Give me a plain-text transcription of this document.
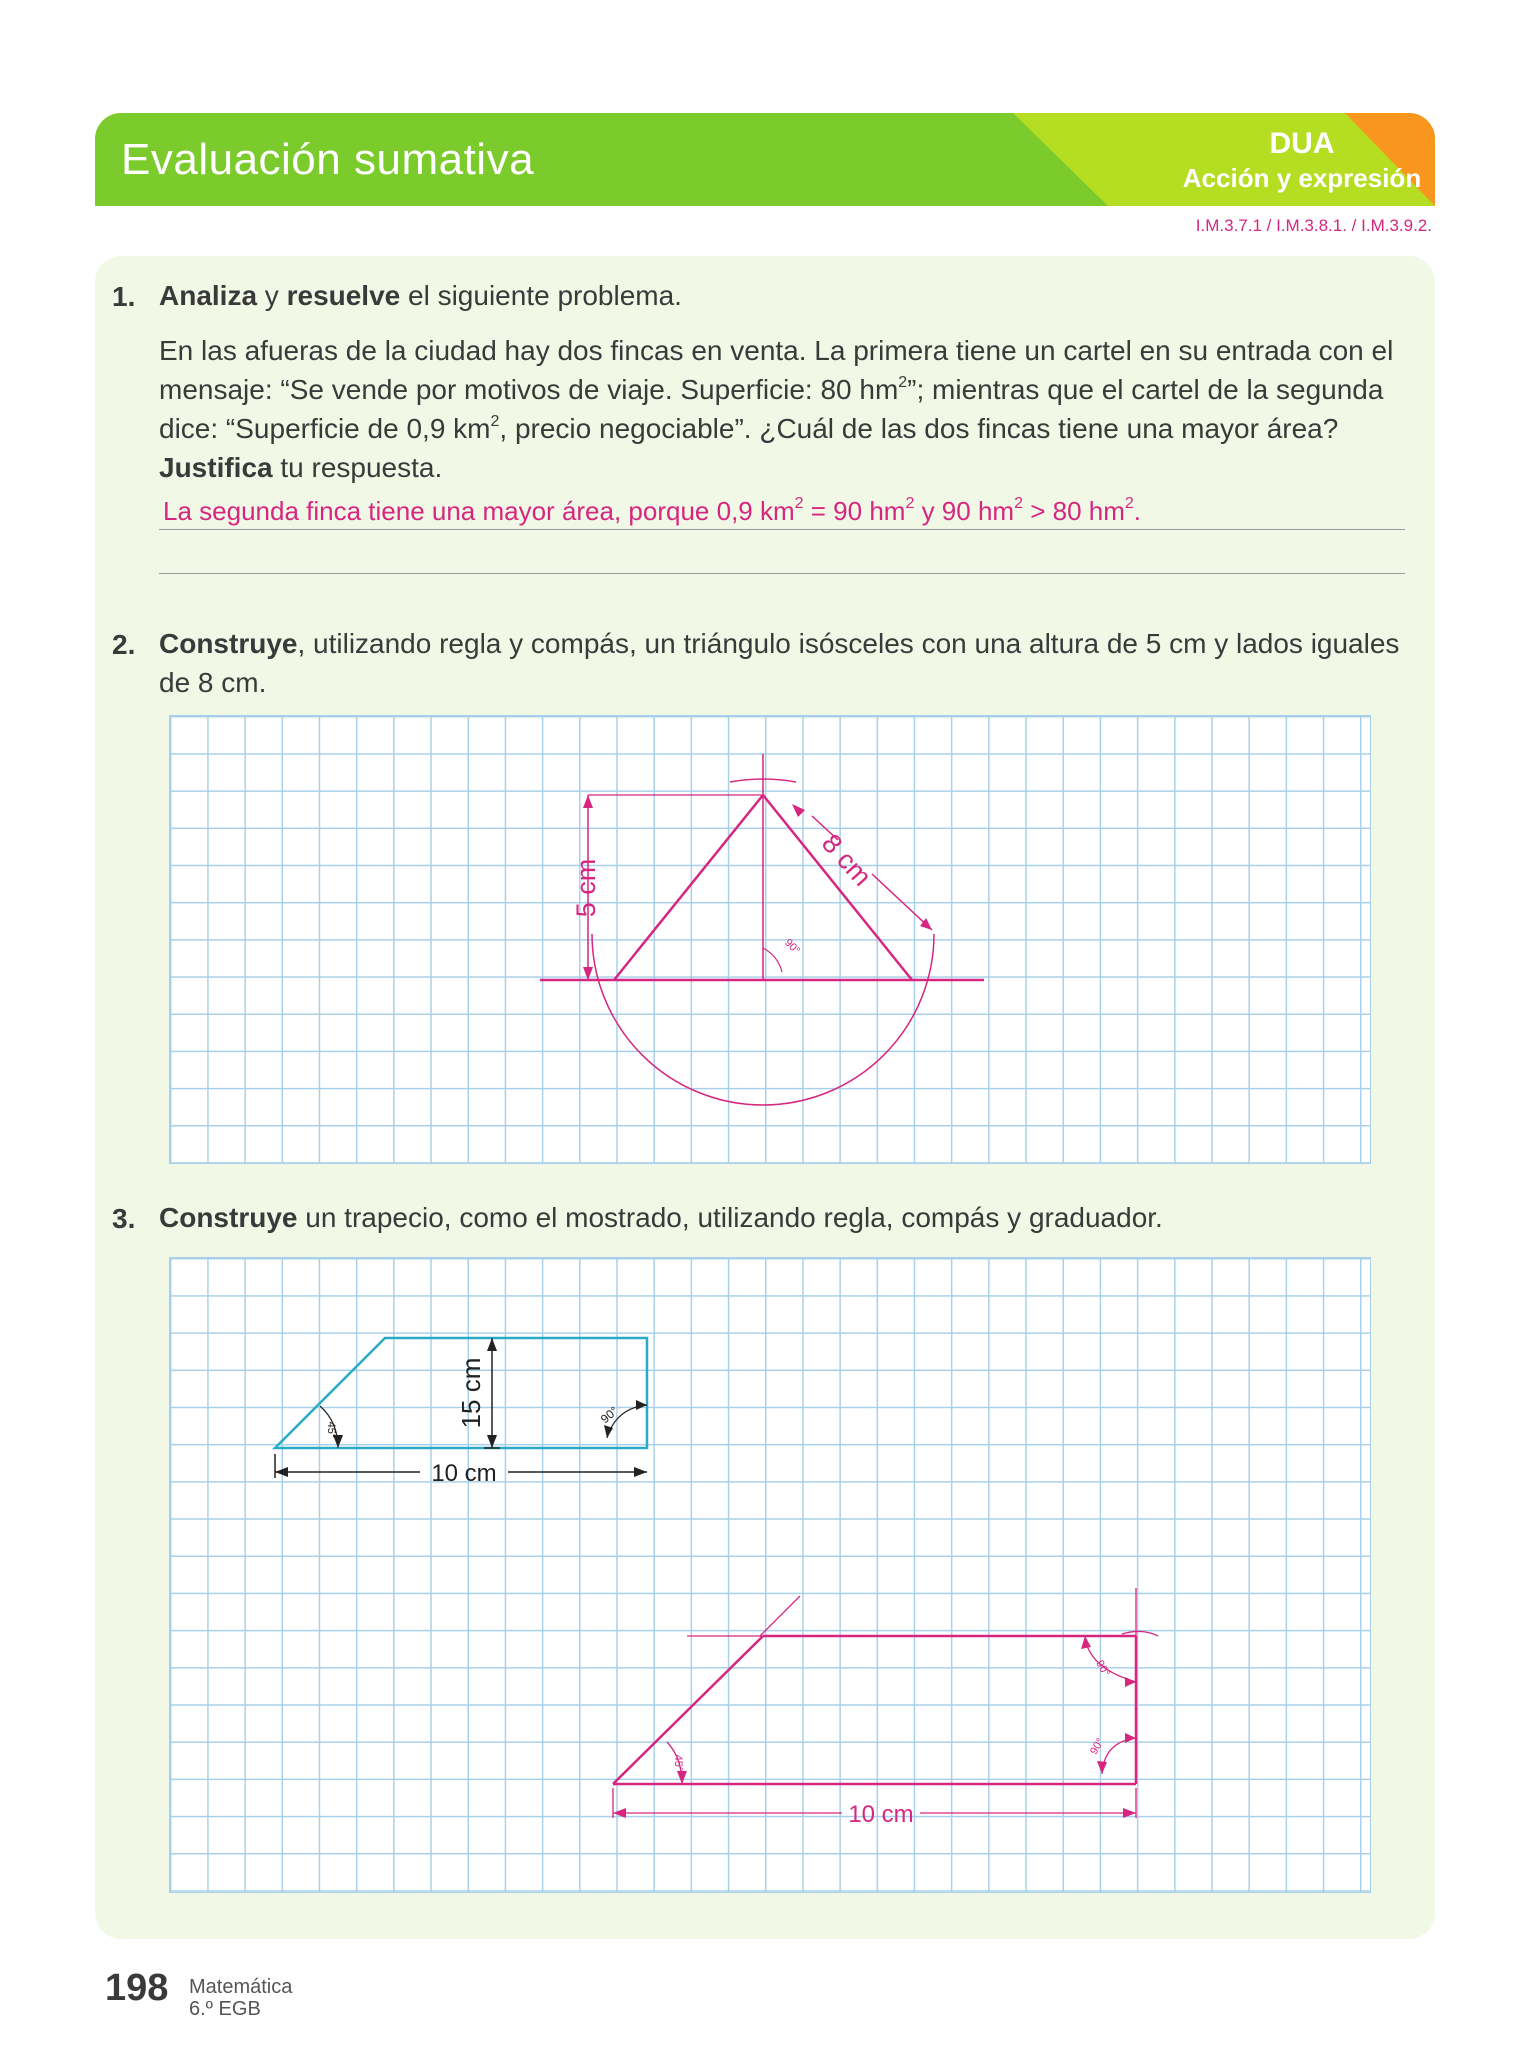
Evaluación sumativa	DUA
Acción y expresión
I.M.3.7.1 / I.M.3.8.1. / I.M.3.9.2.
1. Analiza y resuelve el siguiente problema.
En las afueras de la ciudad hay dos fincas en venta. La primera tiene un cartel en su entrada con el mensaje: “Se vende por motivos de viaje. Superficie: 80 $hm^2$”; mientras que el cartel de la segunda dice: “Superficie de 0,9 $km^2$, precio negociable”. ¿Cuál de las dos fincas tiene una mayor área?
Justifica tu respuesta.
La segunda finca tiene una mayor área, porque 0,9 $km^2 = 90$ $hm^2$ y 90 $hm^2 > 80$ $hm^2$.
2. Construye, utilizando regla y compás, un triángulo isósceles con una altura de 5 cm y lados iguales de 8 cm.
5 cm	8 cm
90°
3. Construye un trapecio, como el mostrado, utilizando regla, compás y graduador.
15 cm
10 cm
45°
90°
10 cm
45°
90°
90°
198 Matemática
6.º EGB
